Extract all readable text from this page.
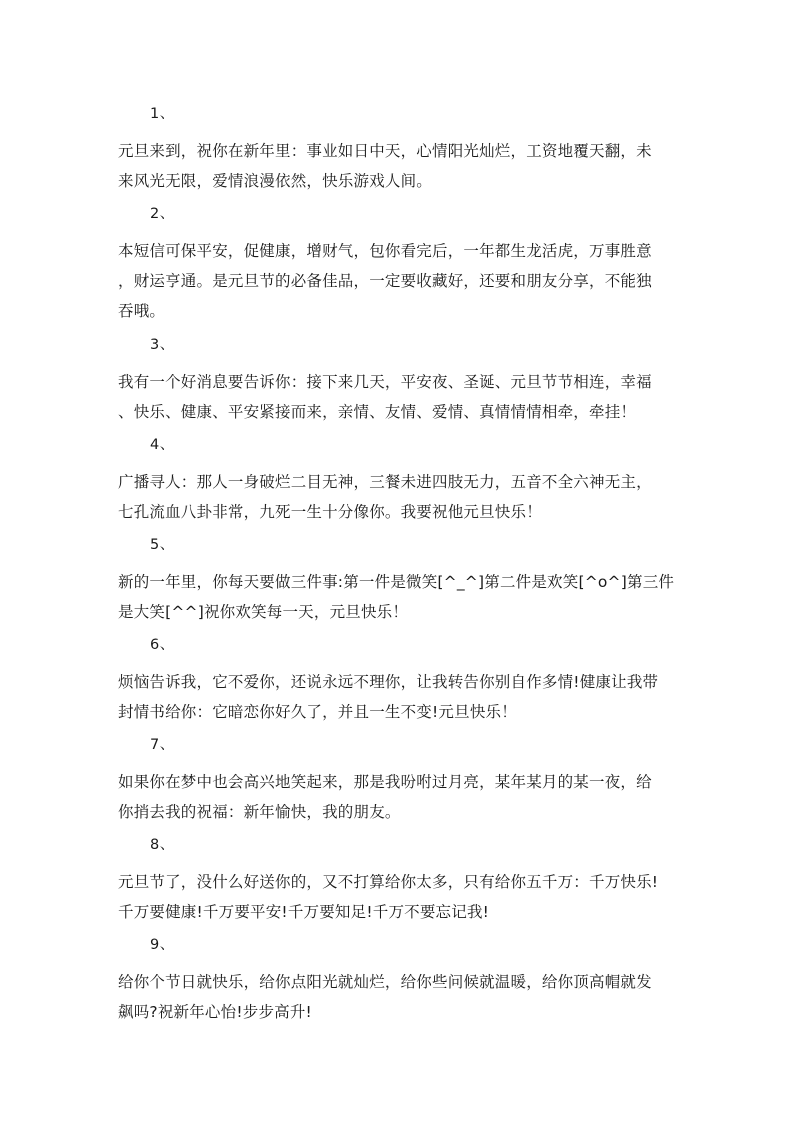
1、
元旦来到，祝你在新年里：事业如日中天，心情阳光灿烂，工资地覆天翻，未
来风光无限，爱情浪漫依然，快乐游戏人间。
2、
本短信可保平安，促健康，增财气，包你看完后，一年都生龙活虎，万事胜意
，财运亨通。是元旦节的必备佳品，一定要收藏好，还要和朋友分享，不能独
吞哦。
3、
我有一个好消息要告诉你：接下来几天，平安夜、圣诞、元旦节节相连，幸福
、快乐、健康、平安紧接而来，亲情、友情、爱情、真情情情相牵，牵挂！
4、
广播寻人：那人一身破烂二目无神，三餐未进四肢无力，五音不全六神无主，
七孔流血八卦非常，九死一生十分像你。我要祝他元旦快乐！
5、
新的一年里，你每天要做三件事:第一件是微笑[^_^]第二件是欢笑[^o^]第三件
是大笑[^^]祝你欢笑每一天，元旦快乐！
6、
烦恼告诉我，它不爱你，还说永远不理你，让我转告你别自作多情!健康让我带
封情书给你：它暗恋你好久了，并且一生不变!元旦快乐！
7、
如果你在梦中也会高兴地笑起来，那是我吩咐过月亮，某年某月的某一夜，给
你捎去我的祝福：新年愉快，我的朋友。
8、
元旦节了，没什么好送你的，又不打算给你太多，只有给你五千万：千万快乐!
千万要健康!千万要平安!千万要知足!千万不要忘记我!
9、
给你个节日就快乐，给你点阳光就灿烂，给你些问候就温暖，给你顶高帽就发
飙吗?祝新年心怡!步步高升!
